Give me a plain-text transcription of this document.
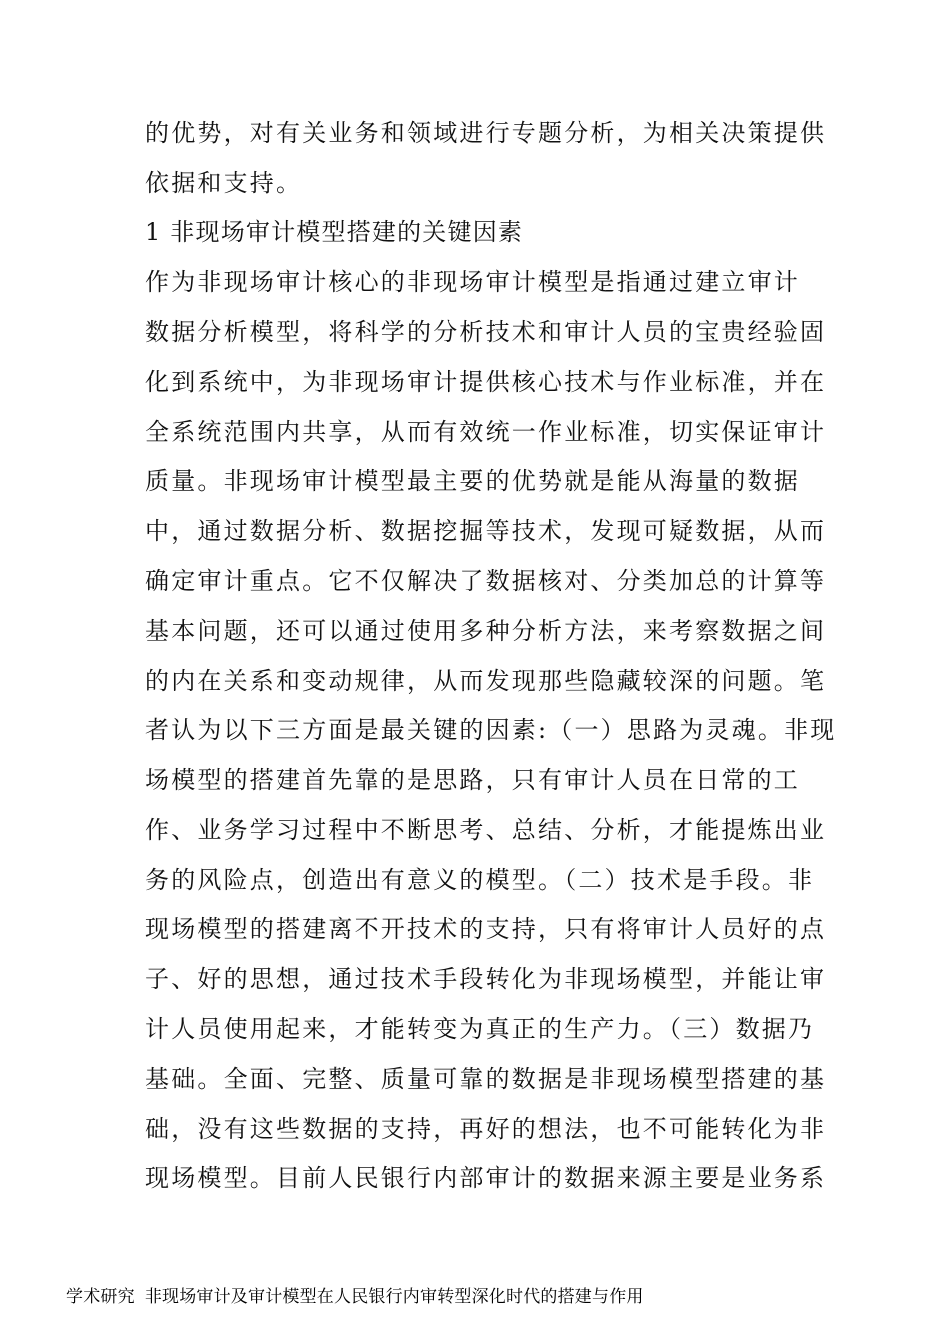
的优势，对有关业务和领域进行专题分析，为相关决策提供
依据和支持。
1 非现场审计模型搭建的关键因素
作为非现场审计核心的非现场审计模型是指通过建立审计
数据分析模型，将科学的分析技术和审计人员的宝贵经验固
化到系统中，为非现场审计提供核心技术与作业标准，并在
全系统范围内共享，从而有效统一作业标准，切实保证审计
质量。非现场审计模型最主要的优势就是能从海量的数据
中，通过数据分析、数据挖掘等技术，发现可疑数据，从而
确定审计重点。它不仅解决了数据核对、分类加总的计算等
基本问题，还可以通过使用多种分析方法，来考察数据之间
的内在关系和变动规律，从而发现那些隐藏较深的问题。笔
者认为以下三方面是最关键的因素:（一）思路为灵魂。非现
场模型的搭建首先靠的是思路，只有审计人员在日常的工
作、业务学习过程中不断思考、总结、分析，才能提炼出业
务的风险点，创造出有意义的模型。（二）技术是手段。非
现场模型的搭建离不开技术的支持，只有将审计人员好的点
子、好的思想，通过技术手段转化为非现场模型，并能让审
计人员使用起来，才能转变为真正的生产力。（三）数据乃
基础。全面、完整、质量可靠的数据是非现场模型搭建的基
础，没有这些数据的支持，再好的想法，也不可能转化为非
现场模型。目前人民银行内部审计的数据来源主要是业务系
学术研究 非现场审计及审计模型在人民银行内审转型深化时代的搭建与作用
